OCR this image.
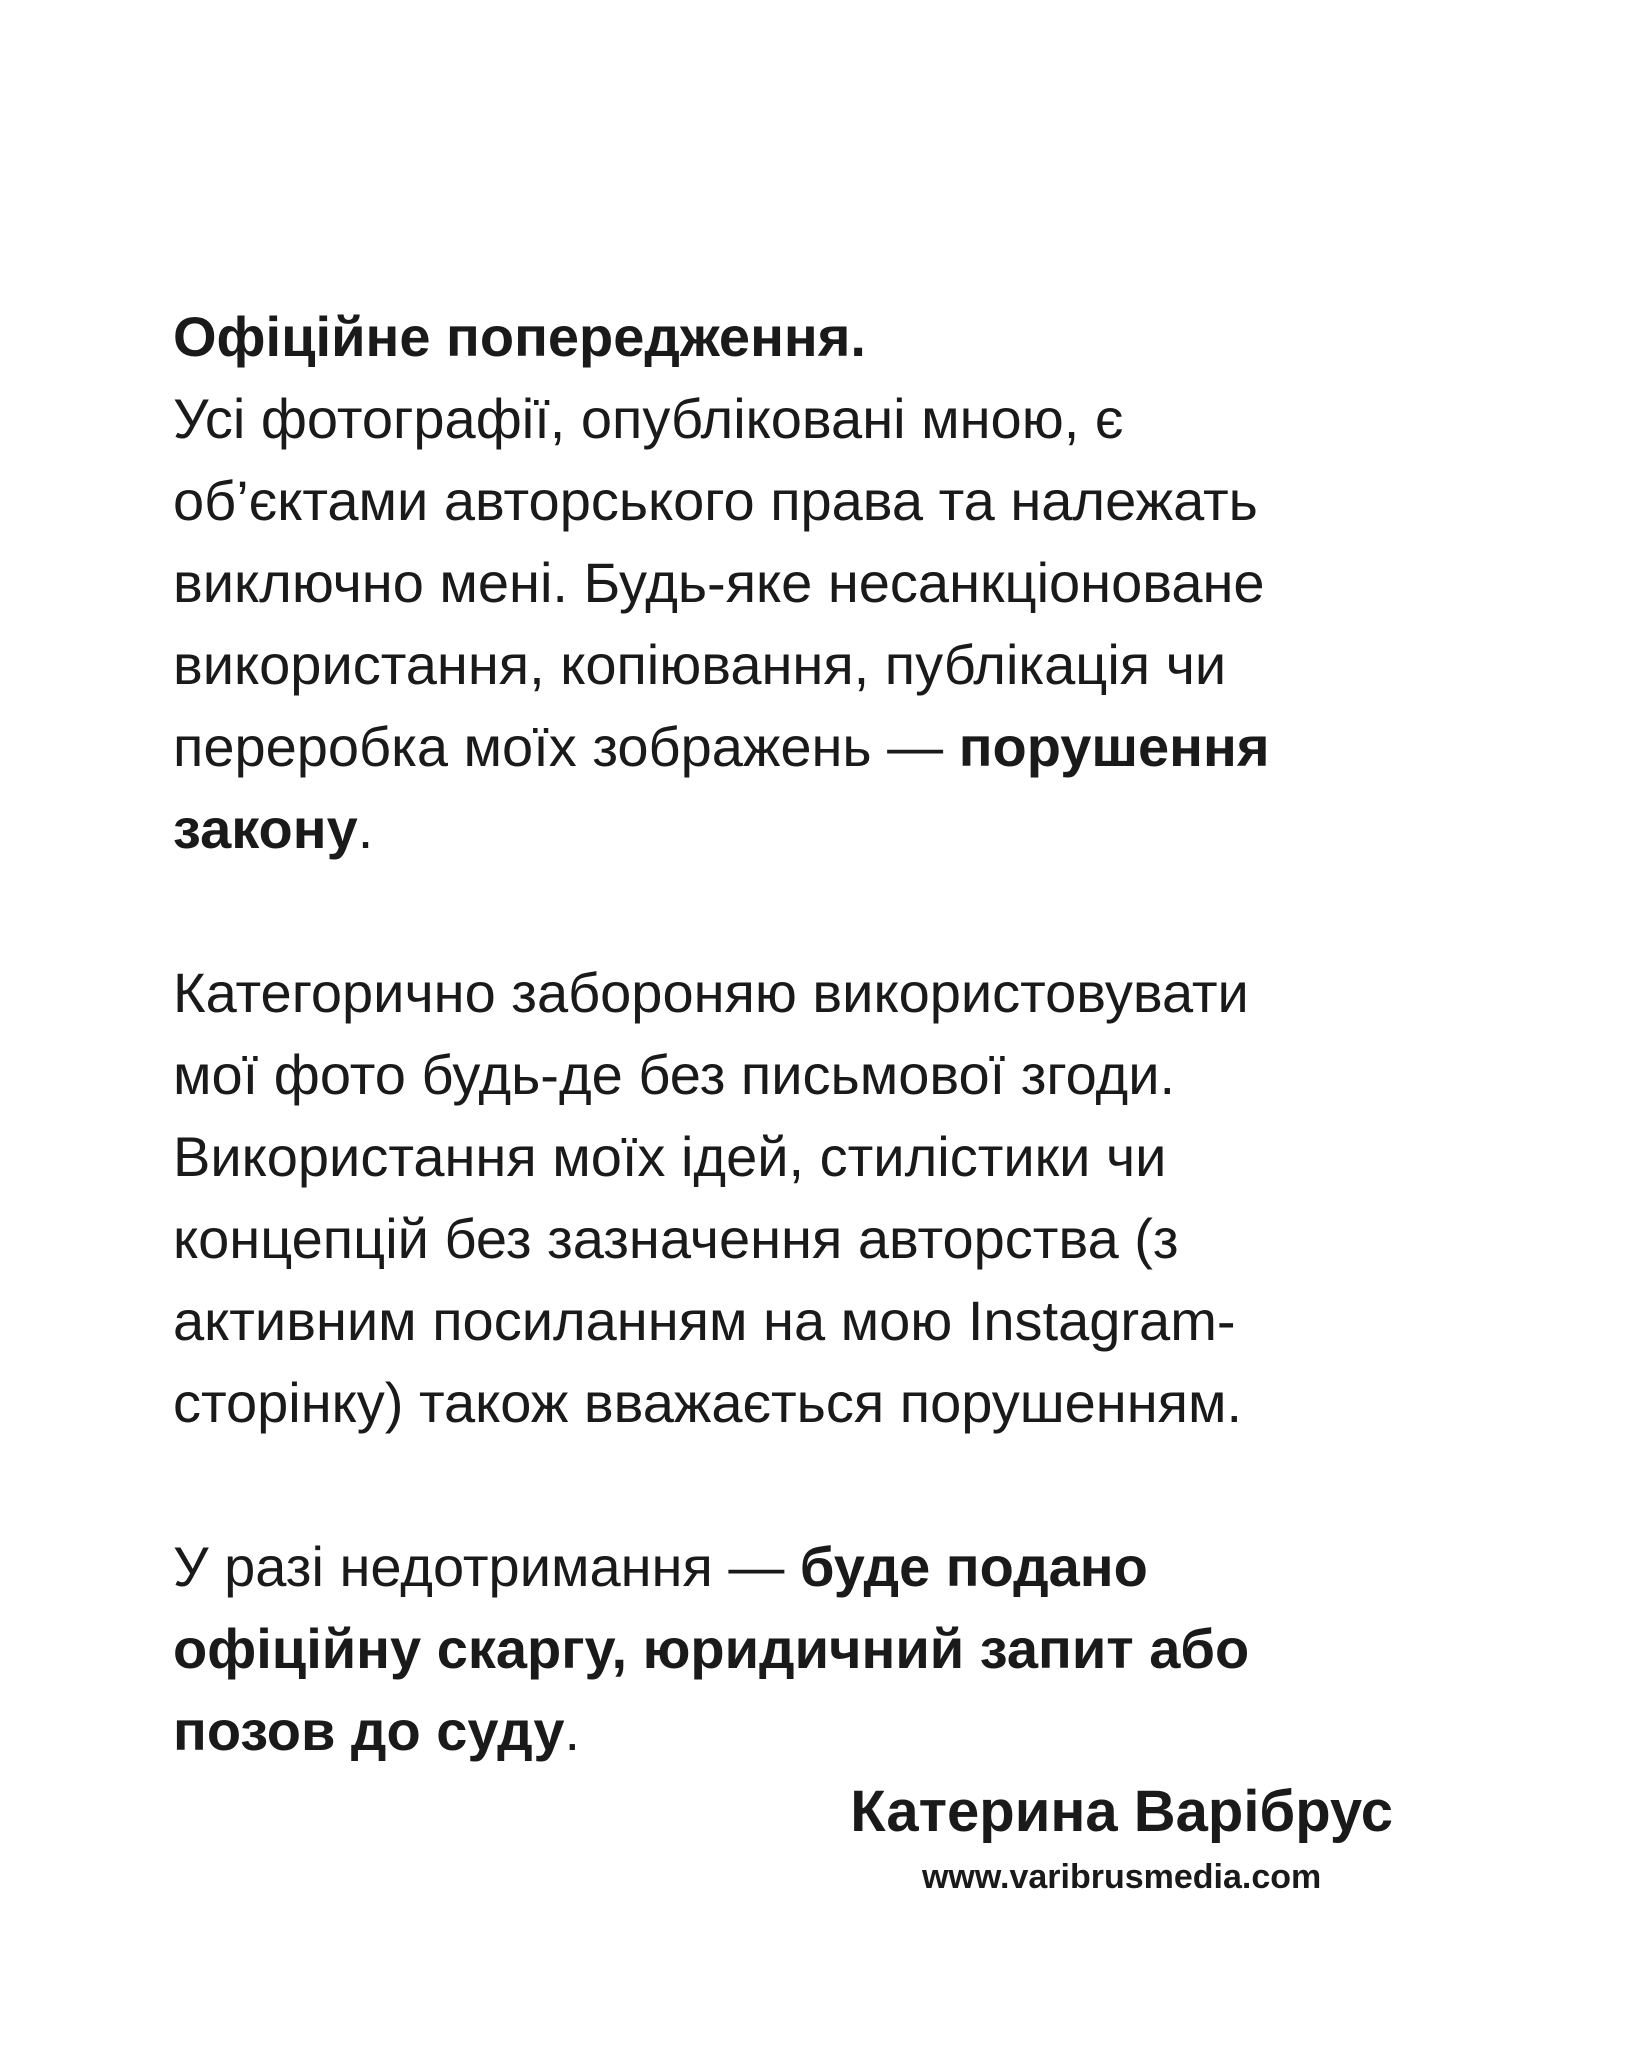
Офіційне попередження.
Усі фотографії, опубліковані мною, є
об’єктами авторського права та належать
виключно мені. Будь-яке несанкціоноване
використання, копіювання, публікація чи
переробка моїх зображень — порушення
закону.
Категорично забороняю використовувати
мої фото будь-де без письмової згоди.
Використання моїх ідей, стилістики чи
концепцій без зазначення авторства (з
активним посиланням на мою Instagram-
сторінку) також вважається порушенням.
У разі недотримання — буде подано
офіційну скаргу, юридичний запит або
позов до суду.
Катерина Варібрус
www.varibrusmedia.com
